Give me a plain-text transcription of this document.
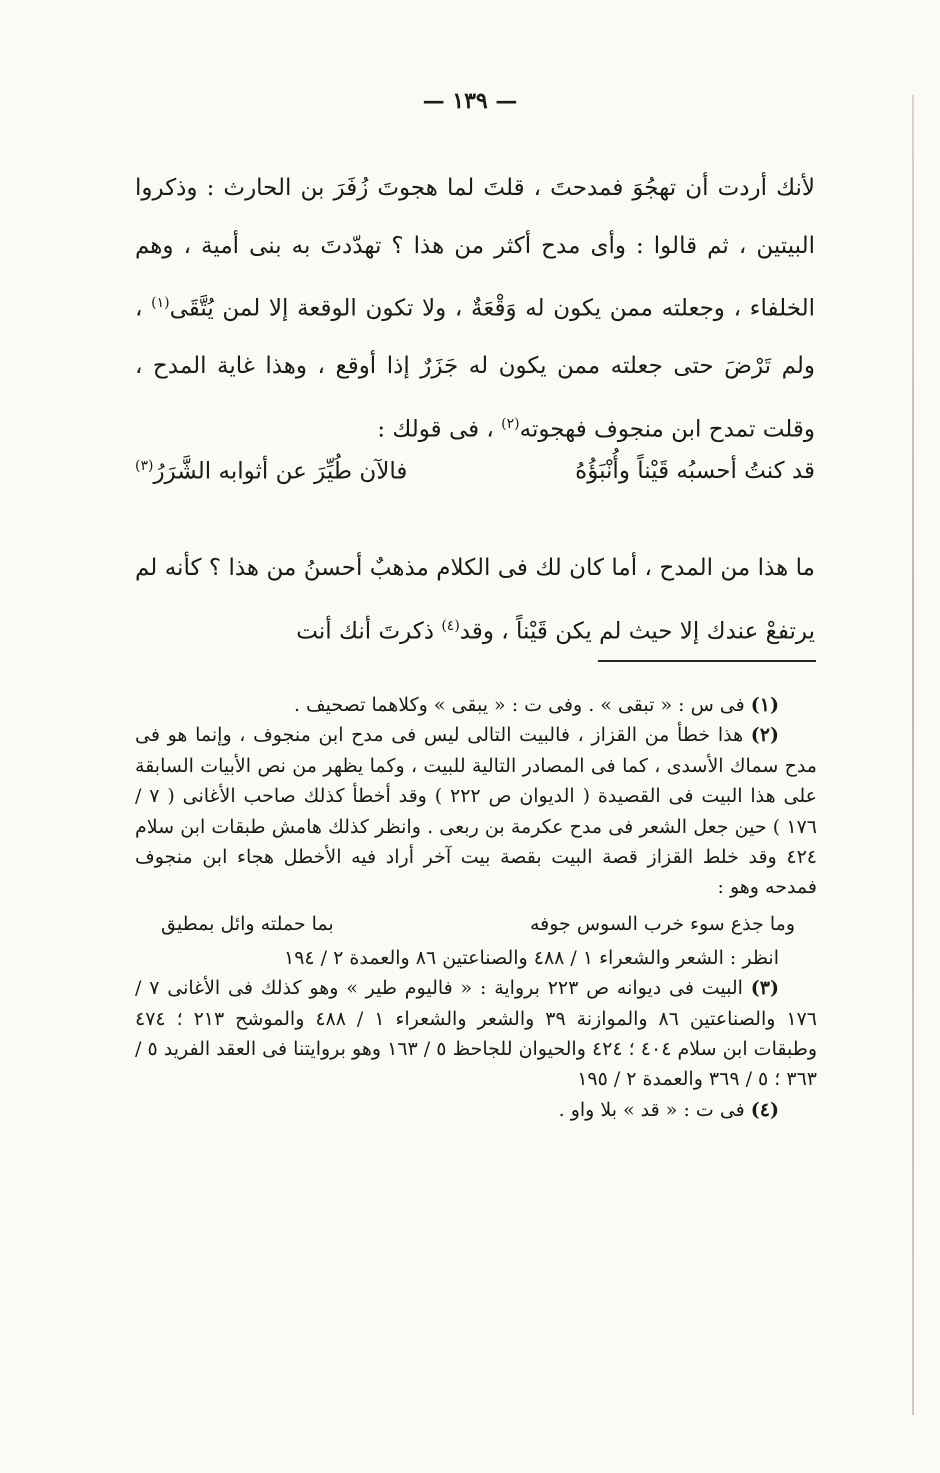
— ١٣٩ —

لأنك أردت أن تهجُوَ فمدحتَ ، قلتَ لما هجوتَ زُفَرَ بن الحارث : وذكروا البيتين ، ثم قالوا : وأى مدح أكثر من هذا ؟ تهدّدتَ به بنى أمية ، وهم الخلفاء ، وجعلته ممن يكون له وَقْعَةٌ ، ولا تكون الوقعة إلا لمن يُتَّقَى$^{(١)}$ ، ولم تَرْضَ حتى جعلته ممن يكون له جَزَرٌ إذا أوقع ، وهذا غاية المدح ، وقلت تمدح ابن منجوف فهجوته$^{(٢)}$ ، فى قولك :

قد كنتُ أحسبُه قَيْناً وأُنْبَؤُهُ
فالآن طُيِّرَ عن أثوابه الشَّرَرُ$^{(٣)}$

ما هذا من المدح ، أما كان لك فى الكلام مذهبٌ أحسنُ من هذا ؟ كأنه لم يرتفعْ عندك إلا حيث لم يكن قَيْناً ، وقد$^{(٤)}$ ذكرتَ أنك أنت

(١) فى س : « تبقى » . وفى ت : « يبقى » وكلاهما تصحيف .

(٢) هذا خطأ من القزاز ، فالبيت التالى ليس فى مدح ابن منجوف ، وإنما هو فى مدح سماك الأسدى ، كما فى المصادر التالية للبيت ، وكما يظهر من نص الأبيات السابقة على هذا البيت فى القصيدة ( الديوان ص ٢٢٢ ) وقد أخطأ كذلك صاحب الأغانى ( ٧ / ١٧٦ ) حين جعل الشعر فى مدح عكرمة بن ربعى . وانظر كذلك هامش طبقات ابن سلام ٤٢٤ وقد خلط القزاز قصة البيت بقصة بيت آخر أراد فيه الأخطل هجاء ابن منجوف فمدحه وهو :

وما جذع سوء خرب السوس جوفه
بما حملته وائل بمطيق

انظر : الشعر والشعراء ١ / ٤٨٨ والصناعتين ٨٦ والعمدة ٢ / ١٩٤

(٣) البيت فى ديوانه ص ٢٢٣ برواية : « فاليوم طير » وهو كذلك فى الأغانى ٧ / ١٧٦ والصناعتين ٨٦ والموازنة ٣٩ والشعر والشعراء ١ / ٤٨٨ والموشح ٢١٣ ؛ ٤٧٤ وطبقات ابن سلام ٤٠٤ ؛ ٤٢٤ والحيوان للجاحظ ٥ / ١٦٣ وهو بروايتنا فى العقد الفريد ٥ / ٣٦٣ ؛ ٥ / ٣٦٩ والعمدة ٢ / ١٩٥

(٤) فى ت : « قد » بلا واو .
